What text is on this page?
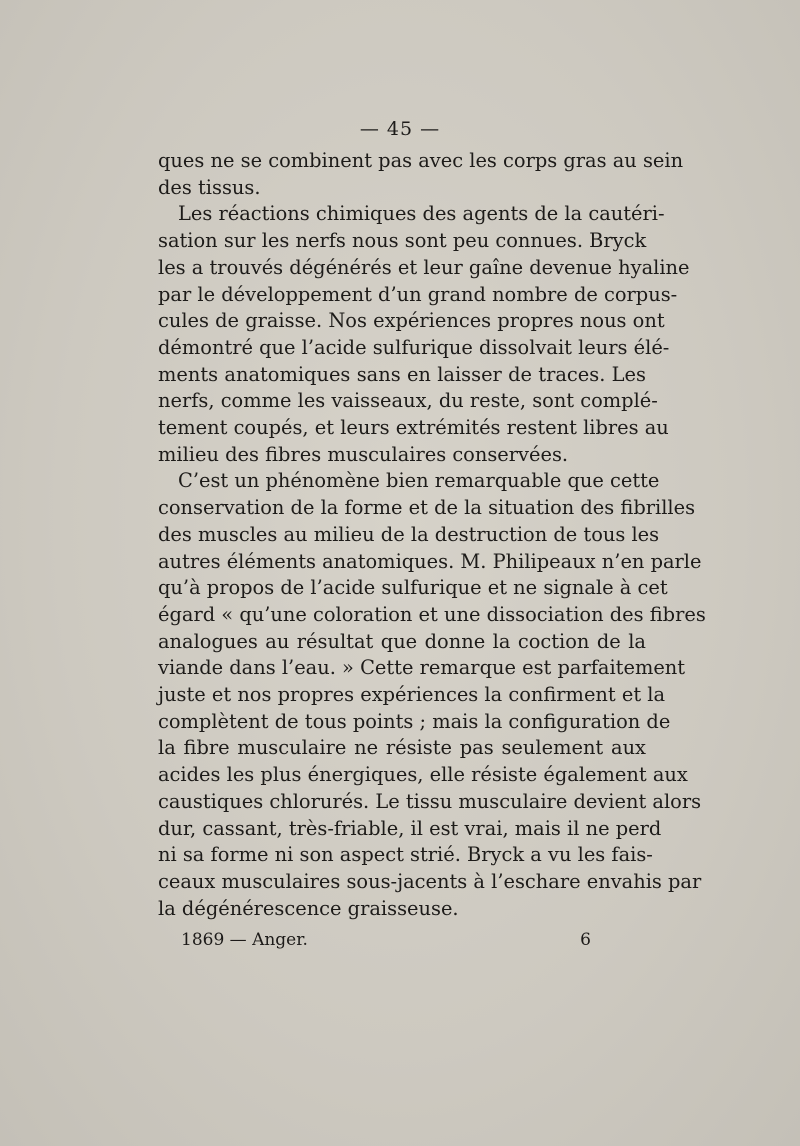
— 45 —
ques ne se combinent pas avec les corps gras au sein
des tissus.
Les réactions chimiques des agents de la cautéri-
sation sur les nerfs nous sont peu connues. Bryck
les a trouvés dégénérés et leur gaîne devenue hyaline
par le développement d’un grand nombre de corpus-
cules de graisse. Nos expériences propres nous ont
démontré que l’acide sulfurique dissolvait leurs élé-
ments anatomiques sans en laisser de traces. Les
nerfs, comme les vaisseaux, du reste, sont complé-
tement coupés, et leurs extrémités restent libres au
milieu des fibres musculaires conservées.
C’est un phénomène bien remarquable que cette
conservation de la forme et de la situation des fibrilles
des muscles au milieu de la destruction de tous les
autres éléments anatomiques. M. Philipeaux n’en parle
qu’à propos de l’acide sulfurique et ne signale à cet
égard « qu’une coloration et une dissociation des fibres
analogues au résultat que donne la coction de la
viande dans l’eau. » Cette remarque est parfaitement
juste et nos propres expériences la confirment et la
complètent de tous points ; mais la configuration de
la fibre musculaire ne résiste pas seulement aux
acides les plus énergiques, elle résiste également aux
caustiques chlorurés. Le tissu musculaire devient alors
dur, cassant, très-friable, il est vrai, mais il ne perd
ni sa forme ni son aspect strié. Bryck a vu les fais-
ceaux musculaires sous-jacents à l’eschare envahis par
la dégénérescence graisseuse.
1869 — Anger.	6
